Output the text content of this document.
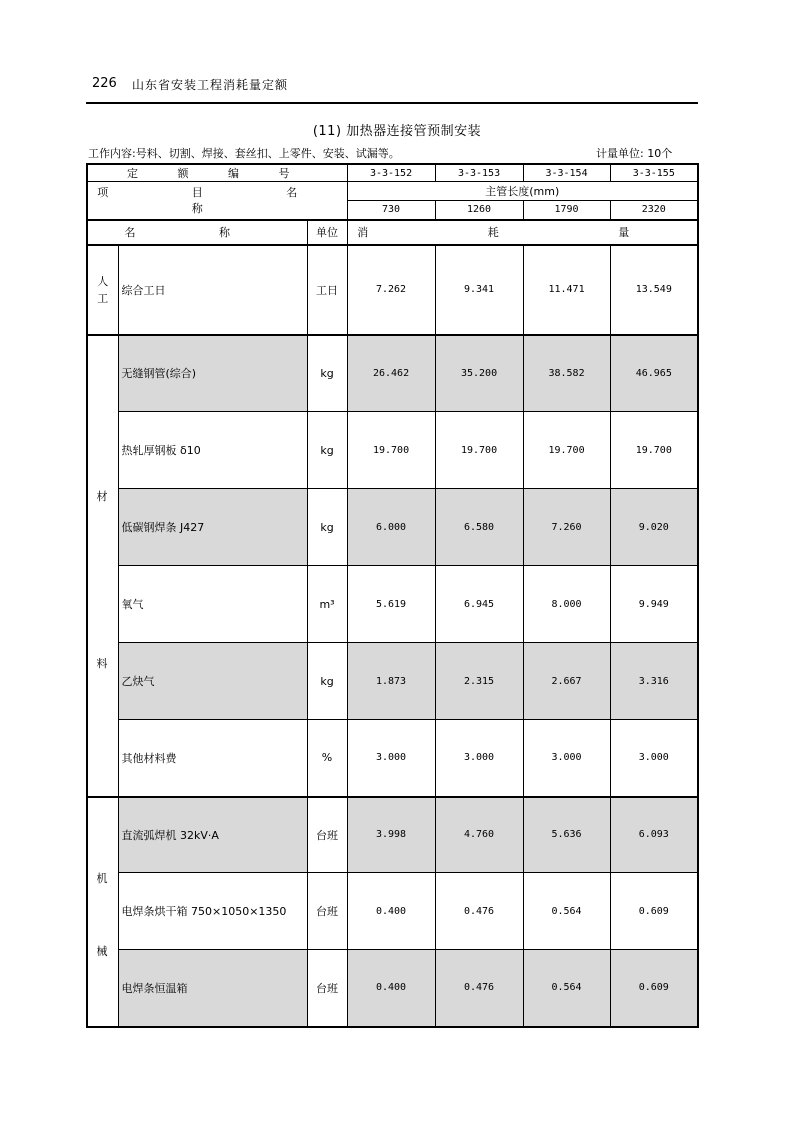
226 山东省安装工程消耗量定额
(11) 加热器连接管预制安装
工作内容:号料、切割、焊接、套丝扣、上零件、安装、试漏等。	计量单位: 10个
定 额 编 号			3-3-152	3-3-153	3-3-154	3-3-155
项 目 名 称			主管长度(mm)			
			730	1260	1790	2320
名 称		单位	消 耗 量			
人
工	综合工日	工日	7.262	9.341	11.471	13.549

	无缝钢管(综合)	kg	26.462	35.200	38.582	46.965
	热轧厚钢板 δ10	kg	19.700	19.700	19.700	19.700
	低碳钢焊条 J427	kg	6.000	6.580	7.260	9.020
	氧气	m³	5.619	6.945	8.000	9.949
	乙炔气	kg	1.873	2.315	2.667	3.316
	其他材料费	%	3.000	3.000	3.000	3.000
	直流弧焊机 32kV·A	台班	3.998	4.760	5.636	6.093
	电焊条烘干箱 750×1050×1350	台班	0.400	0.476	0.564	0.609
	电焊条恒温箱	台班	0.400	0.476	0.564	0.609
材
料
机
械
